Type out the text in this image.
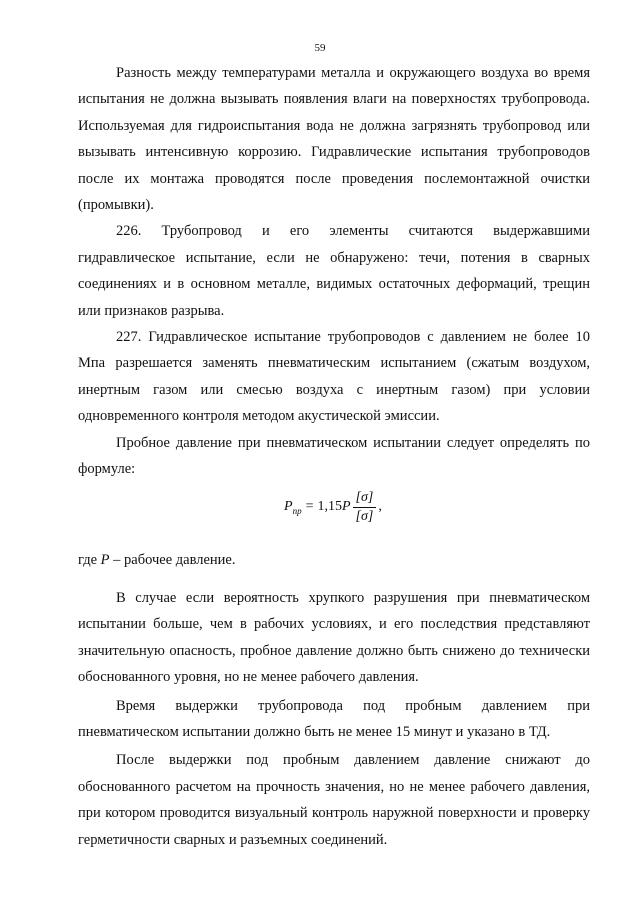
59

Разность между температурами металла и окружающего воздуха во время испытания не должна вызывать появления влаги на поверхностях трубопровода. Используемая для гидроиспытания вода не должна загрязнять трубопровод или вызывать интенсивную коррозию. Гидравлические испытания трубопроводов после их монтажа проводятся после проведения послемонтажной очистки (промывки).

226. Трубопровод и его элементы считаются выдержавшими гидравлическое испытание, если не обнаружено: течи, потения в сварных соединениях и в основном металле, видимых остаточных деформаций, трещин или признаков разрыва.

227. Гидравлическое испытание трубопроводов с давлением не более 10 Мпа разрешается заменять пневматическим испытанием (сжатым воздухом, инертным газом или смесью воздуха с инертным газом) при условии одновременного контроля методом акустической эмиссии.

Пробное давление при пневматическом испытании следует определять по формуле:

$P_{пр} = 1,15$ P $\frac{[\sigma]}{[\sigma]}$ ,

где P – рабочее давление.

В случае если вероятность хрупкого разрушения при пневматическом испытании больше, чем в рабочих условиях, и его последствия представляют значительную опасность, пробное давление должно быть снижено до технически обоснованного уровня, но не менее рабочего давления.

Время выдержки трубопровода под пробным давлением при пневматическом испытании должно быть не менее 15 минут и указано в ТД.

После выдержки под пробным давлением давление снижают до обоснованного расчетом на прочность значения, но не менее рабочего давления, при котором проводится визуальный контроль наружной поверхности и проверку герметичности сварных и разъемных соединений.
